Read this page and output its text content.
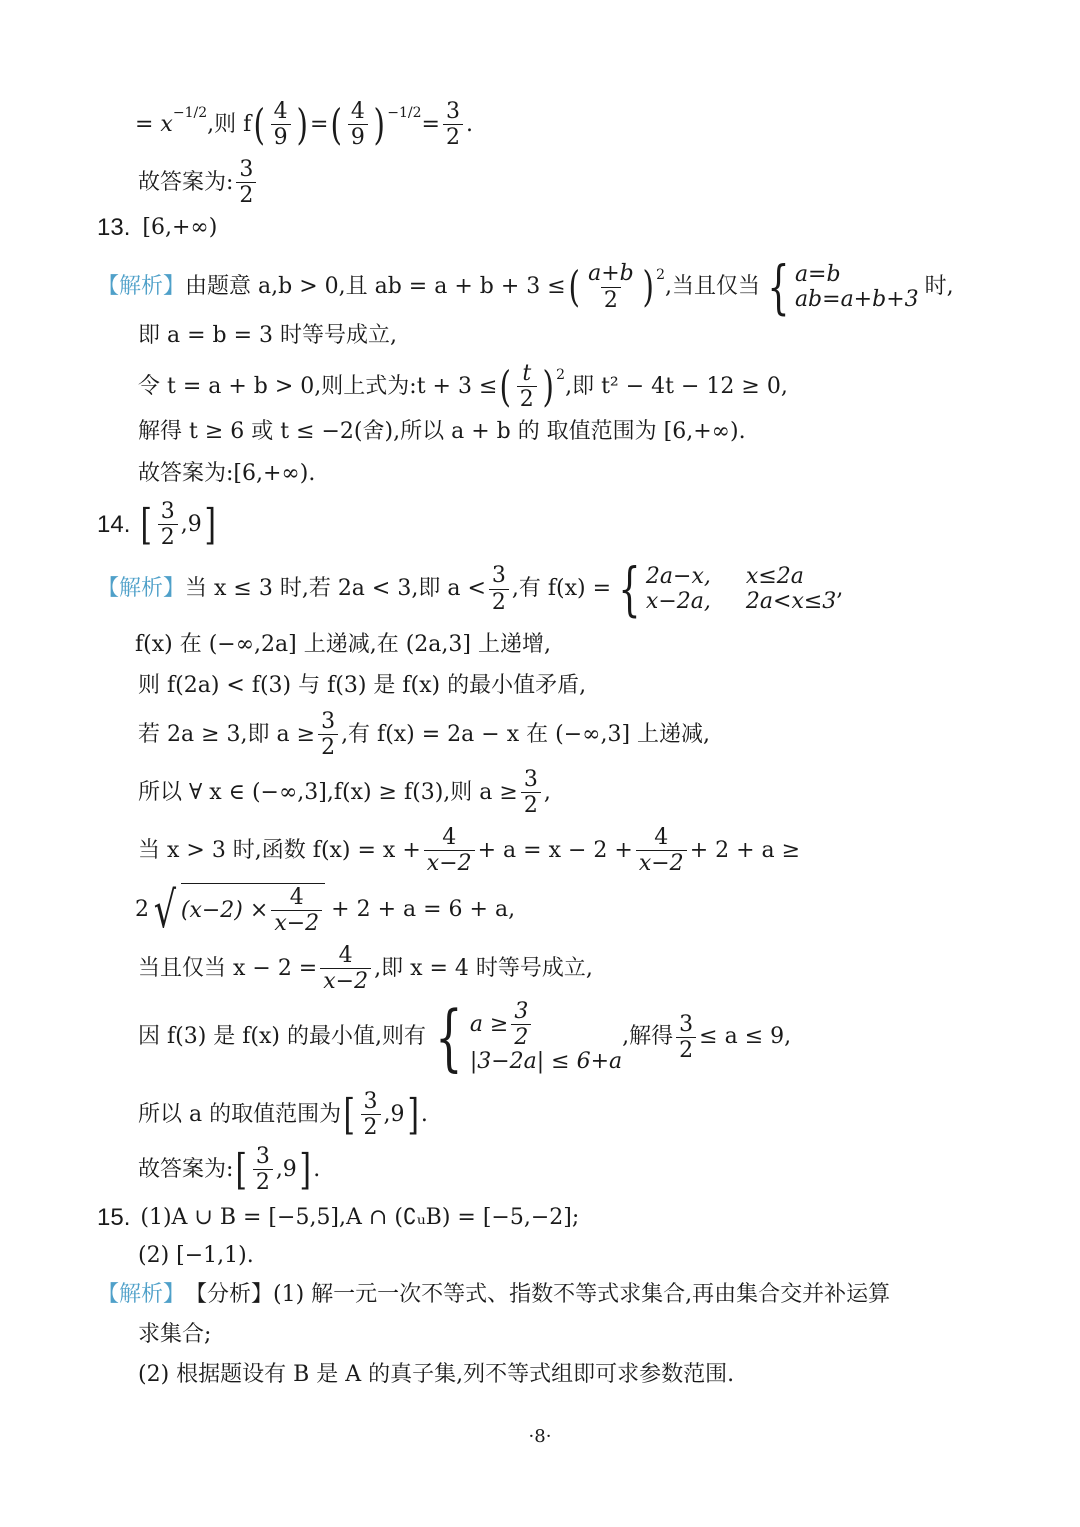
= x −1/2 ,则 f ( $\frac{4}{9}$ ) = ( $\frac{4}{9}$ ) $-1/2 = \frac{3}{2}$ .
故答案为: $\frac{3}{2}$
13. [6,+∞)
【解析】 由题意 a,b > 0,且 ab = a + b + 3 ≤ ( $\frac{a+b}{2}$ ) 2 ,当且仅当 { a=b
ab=a+b+3
时,
即 a = b = 3 时等号成立,
令 t = a + b > 0,则上式为:t + 3 ≤ ( $\frac{t}{2}$ ) 2 ,即 t² − 4t − 12 ≥ 0,
解得 t ≥ 6 或 t ≤ −2(舍),所以 a + b 的 取值范围为 [6,+∞).
故答案为:[6,+∞).
14. [ $\frac{3}{2} ,9$ ]
【解析】 当 x ≤ 3 时,若 2a < 3,即 $a < \frac{3}{2}$ ,有 f(x) = { 2a−x, x≤2a
x−2a, 2a<x≤3
,
f(x) 在 (−∞,2a] 上递减,在 (2a,3] 上递增,
则 f(2a) < f(3) 与 f(3) 是 f(x) 的最小值矛盾,
若 2a ≥ 3,即 $a \ge \frac{3}{2}$ ,有 f(x) = 2a − x 在 (−∞,3] 上递减,
所以 ∀ x ∈ (−∞,3],f(x) ≥ f(3),则 $a \ge \frac{3}{2}$ ,
当 x > 3 时,函数 $f(x) = x + \frac{4}{x-2} + a = x - 2 + \frac{4}{x-2} + 2 + a$ ≥
2 √ $(x-2) \times \frac{4}{x-2} + 2 + a = 6 + a$,
当且仅当 $x - 2 = \frac{4}{x-2}$ ,即 x = 4 时等号成立,
因 f(3) 是 f(x) 的最小值,则有 { $a \ge \frac{3}{2}$
|3−2a| ≤ 6+a
,解得 $\frac{3}{2} \le a \le 9$,
所以 a 的取值范围为 [ $\frac{3}{2} ,9$ ] .
故答案为: [ $\frac{3}{2} ,9$ ] .
15. (1)A ∪ B = [−5,5],A ∩ (∁ᵤB) = [−5,−2];
(2) [−1,1).
【解析】 【分析】(1) 解一元一次不等式、指数不等式求集合,再由集合交并补运算
求集合;
(2) 根据题设有 B 是 A 的真子集,列不等式组即可求参数范围.
·8·
